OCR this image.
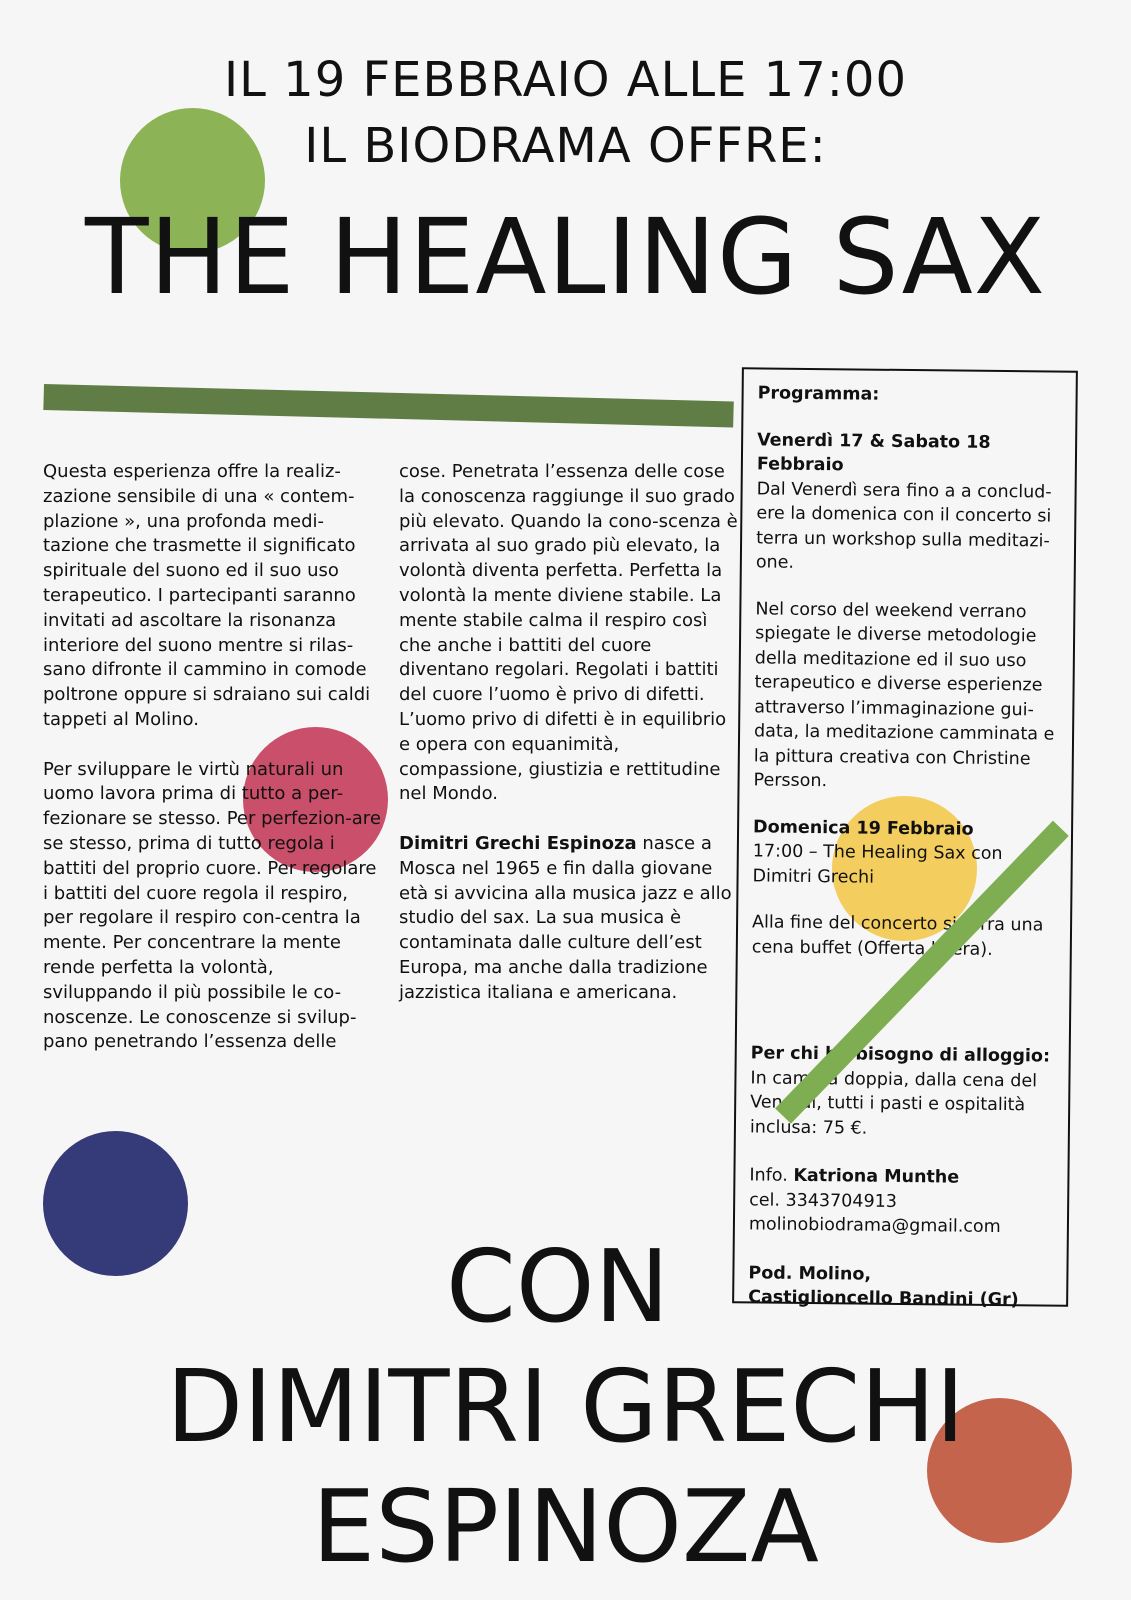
IL 19 FEBBRAIO ALLE 17:00
IL BIODRAMA OFFRE:
THE HEALING SAX

Questa esperienza offre la realiz-zazione sensibile di una « contem-plazione », una profonda medi-tazione che trasmette il significato spirituale del suono ed il suo uso terapeutico. I partecipanti saranno invitati ad ascoltare la risonanza interiore del suono mentre si rilas-sano difronte il cammino in comode poltrone oppure si sdraiano sui caldi tappeti al Molino.

Per sviluppare le virtù naturali un uomo lavora prima di tutto a per-fezionare se stesso. Per perfezion-are se stesso, prima di tutto regola i battiti del proprio cuore. Per regolare i battiti del cuore regola il respiro, per regolare il respiro con-centra la mente. Per concentrare la mente rende perfetta la volontà, sviluppando il più possibile le co-noscenze. Le conoscenze si svilup-pano penetrando l’essenza delle

cose. Penetrata l’essenza delle cose la conoscenza raggiunge il suo grado più elevato. Quando la cono-scenza è arrivata al suo grado più elevato, la volontà diventa perfetta. Perfetta la volontà la mente diviene stabile. La mente stabile calma il respiro così che anche i battiti del cuore diventano regolari. Regolati i battiti del cuore l’uomo è privo di difetti. L’uomo privo di difetti è in equilibrio e opera con equanimità, compassione, giustizia e rettitudine nel Mondo.

Dimitri Grechi Espinoza nasce a Mosca nel 1965 e fin dalla giovane età si avvicina alla musica jazz e allo studio del sax. La sua musica è contaminata dalle culture dell’est Europa, ma anche dalla tradizione jazzistica italiana e americana.

Programma:

Venerdì 17 & Sabato 18 Febbraio

Dal Venerdì sera fino a a conclud-ere la domenica con il concerto si terra un workshop sulla meditazi-one.

Nel corso del weekend verrano spiegate le diverse metodologie della meditazione ed il suo uso terapeutico e diverse esperienze attraverso l’immaginazione gui-data, la meditazione camminata e la pittura creativa con Christine Persson.

Domenica 19 Febbraio

17:00 – The Healing Sax con Dimitri Grechi

Alla fine del concerto si terra una cena buffet (Offerta libera).

Per chi ha bisogno di alloggio:

In camera doppia, dalla cena del Venerdì, tutti i pasti e ospitalità inclusa: 75 €.

Info. Katriona Munthe

cel. 3343704913

molinobiodrama@gmail.com

Pod. Molino,

Castiglioncello Bandini (Gr)

CON
DIMITRI GRECHI
ESPINOZA
